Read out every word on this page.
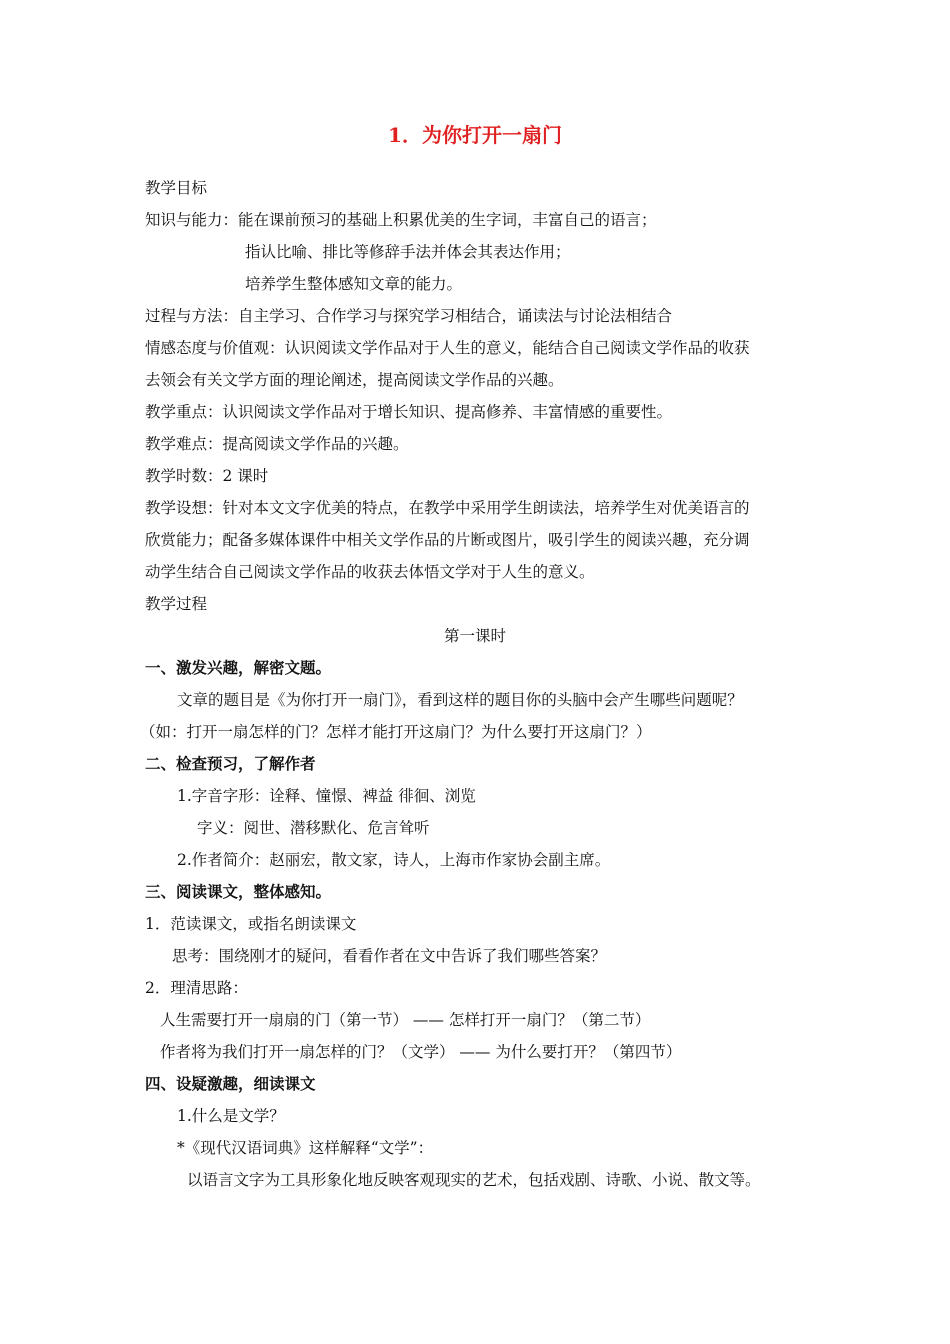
1．为你打开一扇门
教学目标
知识与能力：能在课前预习的基础上积累优美的生字词，丰富自己的语言；
指认比喻、排比等修辞手法并体会其表达作用；
培养学生整体感知文章的能力。
过程与方法：自主学习、合作学习与探究学习相结合，诵读法与讨论法相结合
情感态度与价值观：认识阅读文学作品对于人生的意义，能结合自己阅读文学作品的收获
去领会有关文学方面的理论阐述，提高阅读文学作品的兴趣。
教学重点：认识阅读文学作品对于增长知识、提高修养、丰富情感的重要性。
教学难点：提高阅读文学作品的兴趣。
教学时数：2 课时
教学设想：针对本文文字优美的特点，在教学中采用学生朗读法，培养学生对优美语言的
欣赏能力；配备多媒体课件中相关文学作品的片断或图片，吸引学生的阅读兴趣，充分调
动学生结合自己阅读文学作品的收获去体悟文学对于人生的意义。
教学过程
第一课时
一、激发兴趣，解密文题。
文章的题目是《为你打开一扇门》，看到这样的题目你的头脑中会产生哪些问题呢？
（如：打开一扇怎样的门？怎样才能打开这扇门？为什么要打开这扇门？）
二、检查预习，了解作者
1.字音字形：诠释、憧憬、裨益 徘徊、浏览
字义：阅世、潜移默化、危言耸听
2.作者简介：赵丽宏，散文家，诗人，上海市作家协会副主席。
三、阅读课文，整体感知。
1．范读课文，或指名朗读课文
思考：围绕刚才的疑问，看看作者在文中告诉了我们哪些答案？
2．理清思路：
人生需要打开一扇扇的门（第一节） —— 怎样打开一扇门？（第二节）
作者将为我们打开一扇怎样的门？（文学） —— 为什么要打开？（第四节）
四、设疑激趣，细读课文
1.什么是文学？
*《现代汉语词典》这样解释“文学”：
以语言文字为工具形象化地反映客观现实的艺术，包括戏剧、诗歌、小说、散文等。
